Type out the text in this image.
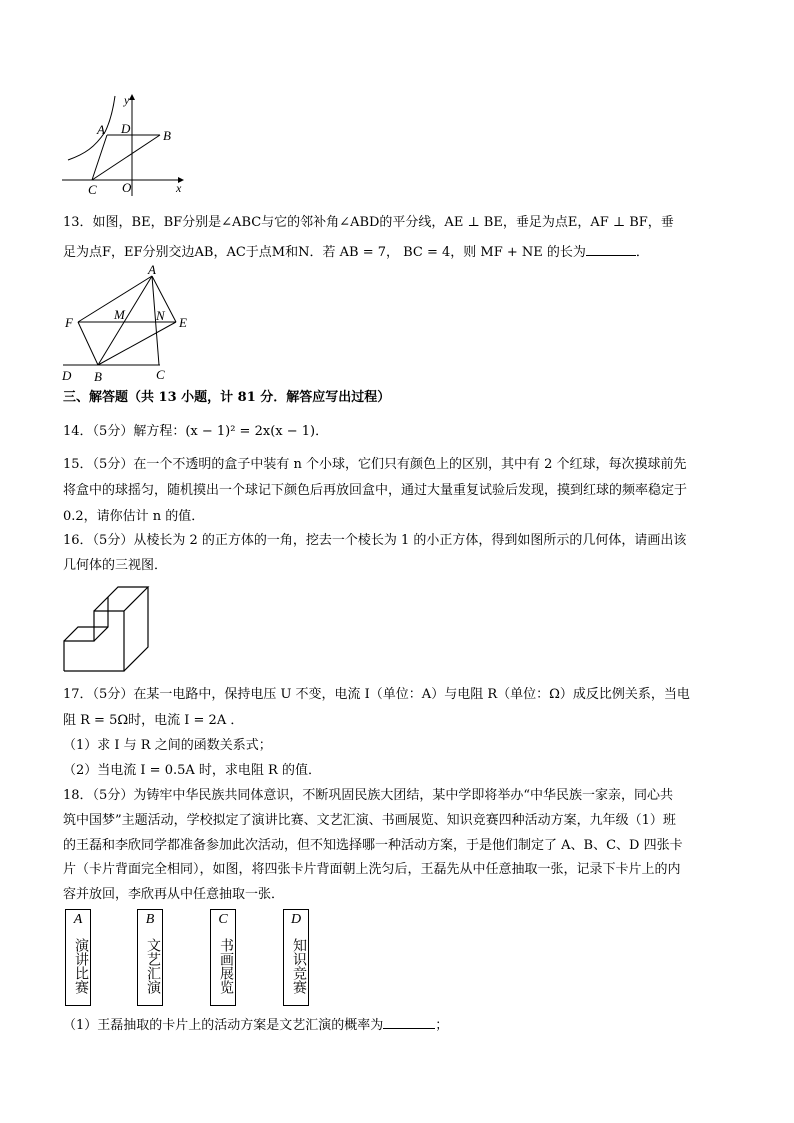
y
x
A D	B
C O
13．如图，BE，BF分别是∠ABC与它的邻补角∠ABD的平分线，AE ⊥ BE，垂足为点E，AF ⊥ BF，垂
足为点F，EF分别交边AB，AC于点M和N．若 AB = 7， BC = 4，则 MF + NE 的长为	．
A
F
M N E
D B	C
三、解答题（共 13 小题，计 81 分．解答应写出过程）
14．（5分）解方程：(x − 1)² = 2x(x − 1)．
15．（5分）在一个不透明的盒子中装有 n 个小球，它们只有颜色上的区别，其中有 2 个红球，每次摸球前先
将盒中的球摇匀，随机摸出一个球记下颜色后再放回盒中，通过大量重复试验后发现，摸到红球的频率稳定于
0.2，请你估计 n 的值．
16．（5分）从棱长为 2 的正方体的一角，挖去一个棱长为 1 的小正方体，得到如图所示的几何体，请画出该
几何体的三视图．
17．（5分）在某一电路中，保持电压 U 不变，电流 I（单位：A）与电阻 R（单位：Ω）成反比例关系，当电
阻 R = 5Ω时，电流 I = 2A ．
（1）求 I 与 R 之间的函数关系式；
（2）当电流 I = 0.5A 时，求电阻 R 的值．
18．（5分）为铸牢中华民族共同体意识，不断巩固民族大团结，某中学即将举办“中华民族一家亲，同心共
筑中国梦”主题活动，学校拟定了演讲比赛、文艺汇演、书画展览、知识竞赛四种活动方案，九年级（1）班
的王磊和李欣同学都准备参加此次活动，但不知选择哪一种活动方案，于是他们制定了 A、B、C、D 四张卡
片（卡片背面完全相同），如图，将四张卡片背面朝上洗匀后，王磊先从中任意抽取一张，记录下卡片上的内
容并放回，李欣再从中任意抽取一张．
A
演讲比赛
B
文艺汇演
C
书画展览
D
知识竞赛
（1）王磊抽取的卡片上的活动方案是文艺汇演的概率为	；
